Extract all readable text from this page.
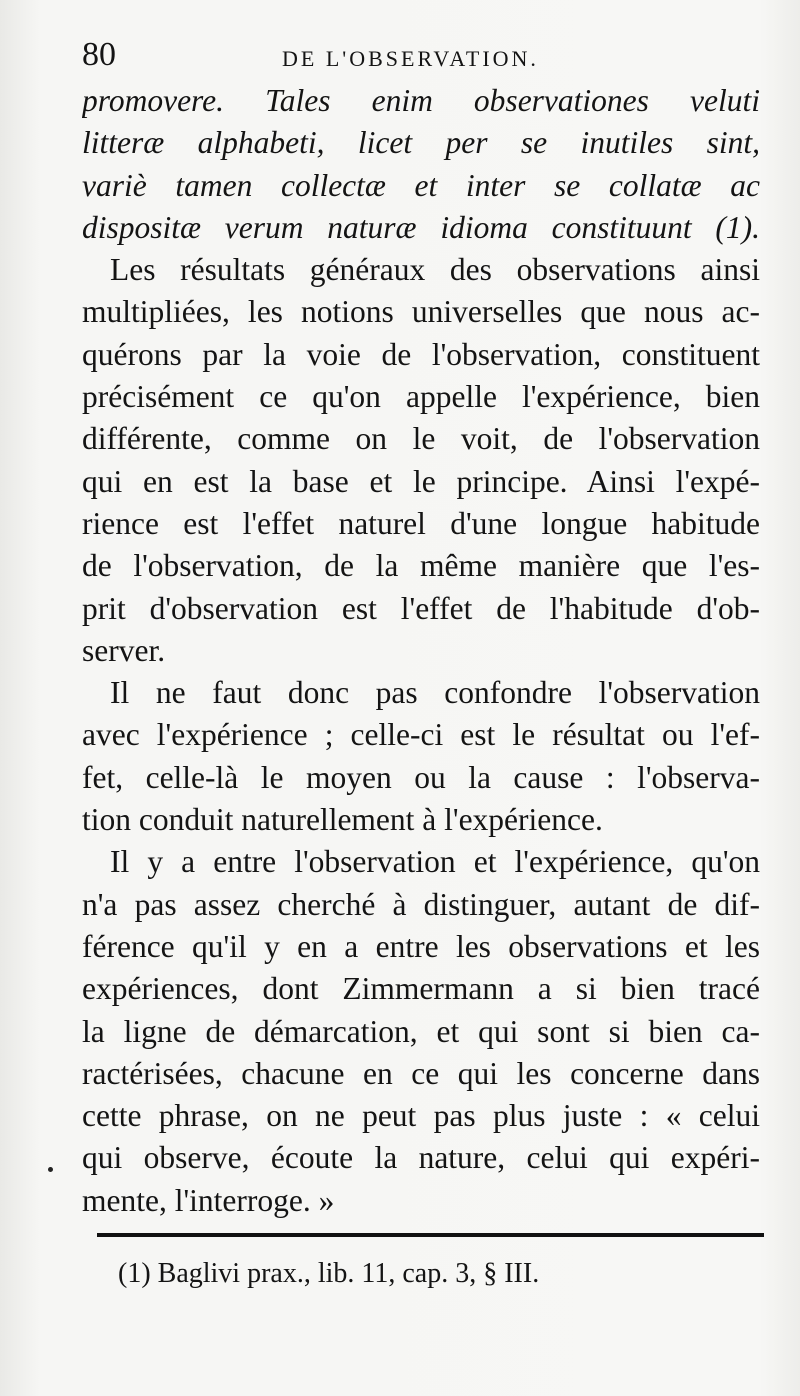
80	DE L'OBSERVATION.
promovere. Tales enim observationes veluti
litteræ alphabeti, licet per se inutiles sint,
variè tamen collectæ et inter se collatæ ac
dispositæ verum naturæ idioma constituunt (1).
Les résultats généraux des observations ainsi
multipliées, les notions universelles que nous ac-
quérons par la voie de l'observation, constituent
précisément ce qu'on appelle l'expérience, bien
différente, comme on le voit, de l'observation
qui en est la base et le principe. Ainsi l'expé-
rience est l'effet naturel d'une longue habitude
de l'observation, de la même manière que l'es-
prit d'observation est l'effet de l'habitude d'ob-
server.
Il ne faut donc pas confondre l'observation
avec l'expérience ; celle-ci est le résultat ou l'ef-
fet, celle-là le moyen ou la cause : l'observa-
tion conduit naturellement à l'expérience.
Il y a entre l'observation et l'expérience, qu'on
n'a pas assez cherché à distinguer, autant de dif-
férence qu'il y en a entre les observations et les
expériences, dont Zimmermann a si bien tracé
la ligne de démarcation, et qui sont si bien ca-
ractérisées, chacune en ce qui les concerne dans
cette phrase, on ne peut pas plus juste : « celui
qui observe, écoute la nature, celui qui expéri-
mente, l'interroge. »
(1) Baglivi prax., lib. 11, cap. 3, § III.
